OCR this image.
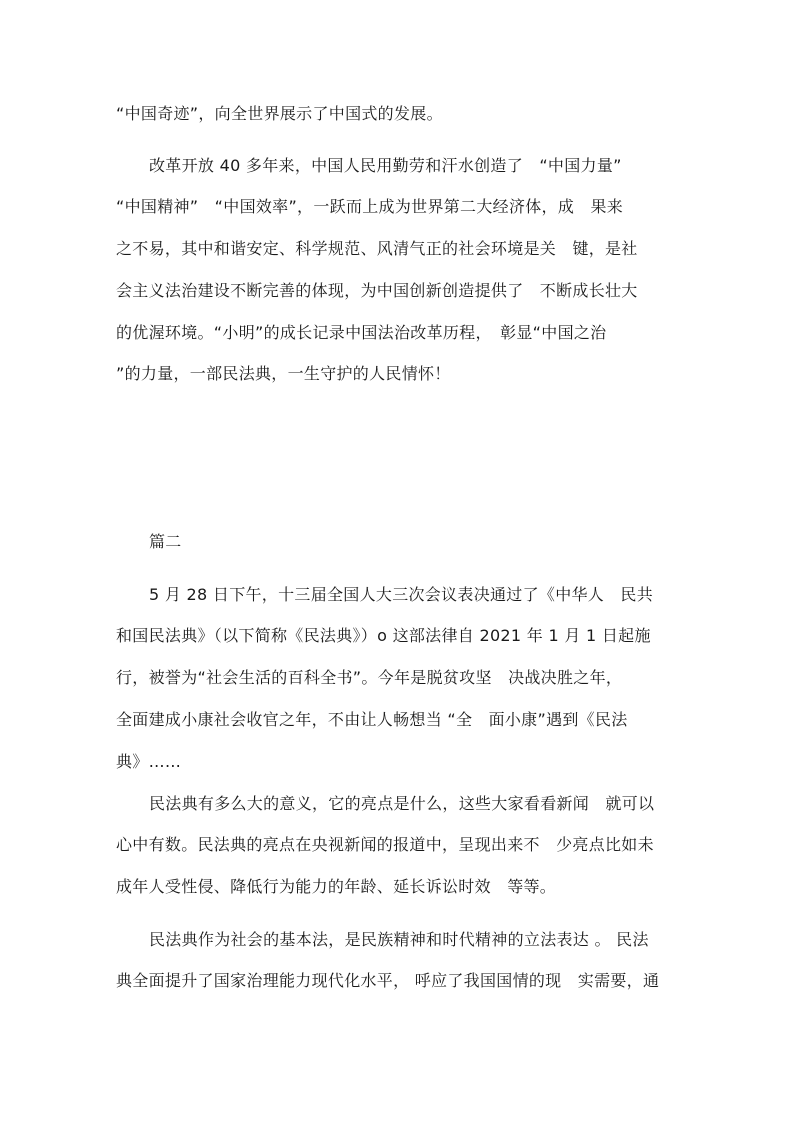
“中国奇迹”，向全世界展示了中国式的发展。
改革开放 40 多年来，中国人民用勤劳和汗水创造了　“中国力量”
“中国精神”　“中国效率”，一跃而上成为世界第二大经济体，成　果来
之不易，其中和谐安定、科学规范、风清气正的社会环境是关　键，是社
会主义法治建设不断完善的体现，为中国创新创造提供了　不断成长壮大
的优渥环境。“小明”的成长记录中国法治改革历程，　彰显“中国之治
”的力量，一部民法典，一生守护的人民情怀！
篇二
5 月 28 日下午，十三届全国人大三次会议表决通过了《中华人　民共
和国民法典》（以下简称《民法典》）o 这部法律自 2021 年 1 月 1 日起施
行，被誉为“社会生活的百科全书”。今年是脱贫攻坚　决战决胜之年，
全面建成小康社会收官之年，不由让人畅想当 “全　面小康”遇到《民法
典》……
民法典有多么大的意义，它的亮点是什么，这些大家看看新闻　就可以
心中有数。民法典的亮点在央视新闻的报道中，呈现出来不　少亮点比如未
成年人受性侵、降低行为能力的年龄、延长诉讼时效　等等。
民法典作为社会的基本法，是民族精神和时代精神的立法表达 。 民法
典全面提升了国家治理能力现代化水平， 呼应了我国国情的现　实需要，通
